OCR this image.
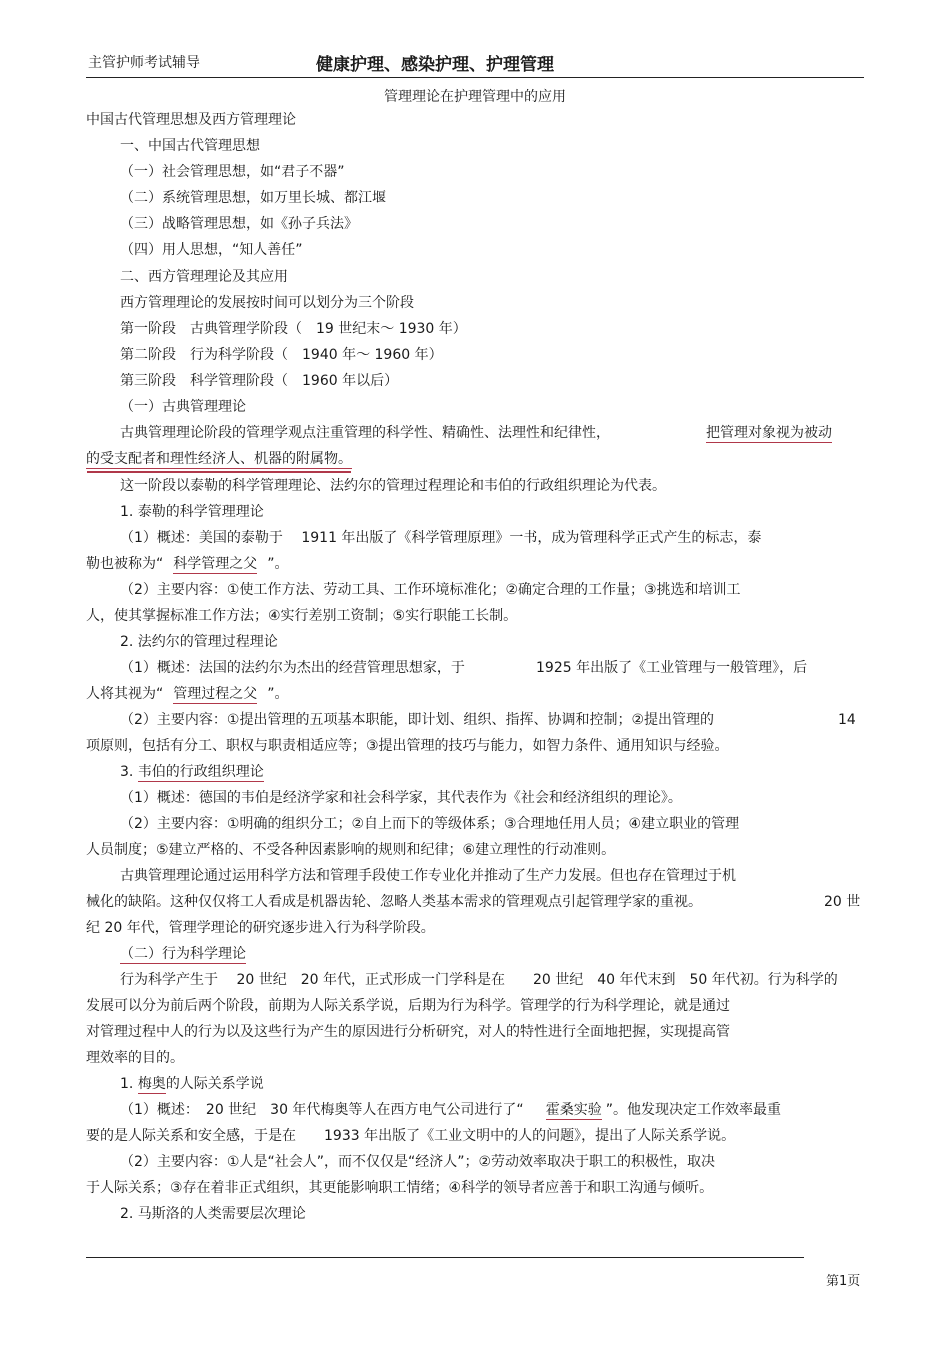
主管护师考试辅导	健康护理、感染护理、护理管理
管理理论在护理管理中的应用
中国古代管理思想及西方管理理论
一、中国古代管理思想
（一）社会管理思想，如“君子不器”
（二）系统管理思想，如万里长城、都江堰
（三）战略管理思想，如《孙子兵法》
（四）用人思想，“知人善任”
二、西方管理理论及其应用
西方管理理论的发展按时间可以划分为三个阶段
第一阶段　古典管理学阶段（　19 世纪末～ 1930 年）
第二阶段　行为科学阶段（　1940 年～ 1960 年）
第三阶段　科学管理阶段（　1960 年以后）
（一）古典管理理论
古典管理理论阶段的管理学观点注重管理的科学性、精确性、法理性和纪律性，	把管理对象视为被动
的受支配者和理性经济人、机器的附属物。
这一阶段以泰勒的科学管理理论、法约尔的管理过程理论和韦伯的行政组织理论为代表。
1. 泰勒的科学管理理论
（1）概述：美国的泰勒于　 1911 年出版了《科学管理原理》一书，成为管理科学正式产生的标志，泰
勒也被称为“ 科学管理之父 ”。
（2）主要内容：①使工作方法、劳动工具、工作环境标准化；②确定合理的工作量；③挑选和培训工
人，使其掌握标准工作方法；④实行差别工资制；⑤实行职能工长制。
2. 法约尔的管理过程理论
（1）概述：法国的法约尔为杰出的经营管理思想家，于	1925 年出版了《工业管理与一般管理》，后
人将其视为“ 管理过程之父 ”。
（2）主要内容：①提出管理的五项基本职能，即计划、组织、指挥、协调和控制；②提出管理的	14
项原则，包括有分工、职权与职责相适应等；③提出管理的技巧与能力，如智力条件、通用知识与经验。
3. 韦伯的行政组织理论
（1）概述：德国的韦伯是经济学家和社会科学家，其代表作为《社会和经济组织的理论》。
（2）主要内容：①明确的组织分工；②自上而下的等级体系；③合理地任用人员；④建立职业的管理
人员制度；⑤建立严格的、不受各种因素影响的规则和纪律；⑥建立理性的行动准则。
古典管理理论通过运用科学方法和管理手段使工作专业化并推动了生产力发展。但也存在管理过于机
械化的缺陷。这种仅仅将工人看成是机器齿轮、忽略人类基本需求的管理观点引起管理学家的重视。	20 世
纪 20 年代，管理学理论的研究逐步进入行为科学阶段。
（二）行为科学理论
行为科学产生于　 20 世纪　20 年代，正式形成一门学科是在　　20 世纪　40 年代末到　50 年代初。行为科学的
发展可以分为前后两个阶段，前期为人际关系学说，后期为行为科学。管理学的行为科学理论，就是通过
对管理过程中人的行为以及这些行为产生的原因进行分析研究，对人的特性进行全面地把握，实现提高管
理效率的目的。
1. 梅奥的人际关系学说
（1）概述：　20 世纪　30 年代梅奥等人在西方电气公司进行了“ 霍桑实验 ”。他发现决定工作效率最重
要的是人际关系和安全感，于是在　　1933 年出版了《工业文明中的人的问题》，提出了人际关系学说。
（2）主要内容：①人是“社会人”，而不仅仅是“经济人”；②劳动效率取决于职工的积极性，取决
于人际关系；③存在着非正式组织，其更能影响职工情绪；④科学的领导者应善于和职工沟通与倾听。
2. 马斯洛的人类需要层次理论
第1页
